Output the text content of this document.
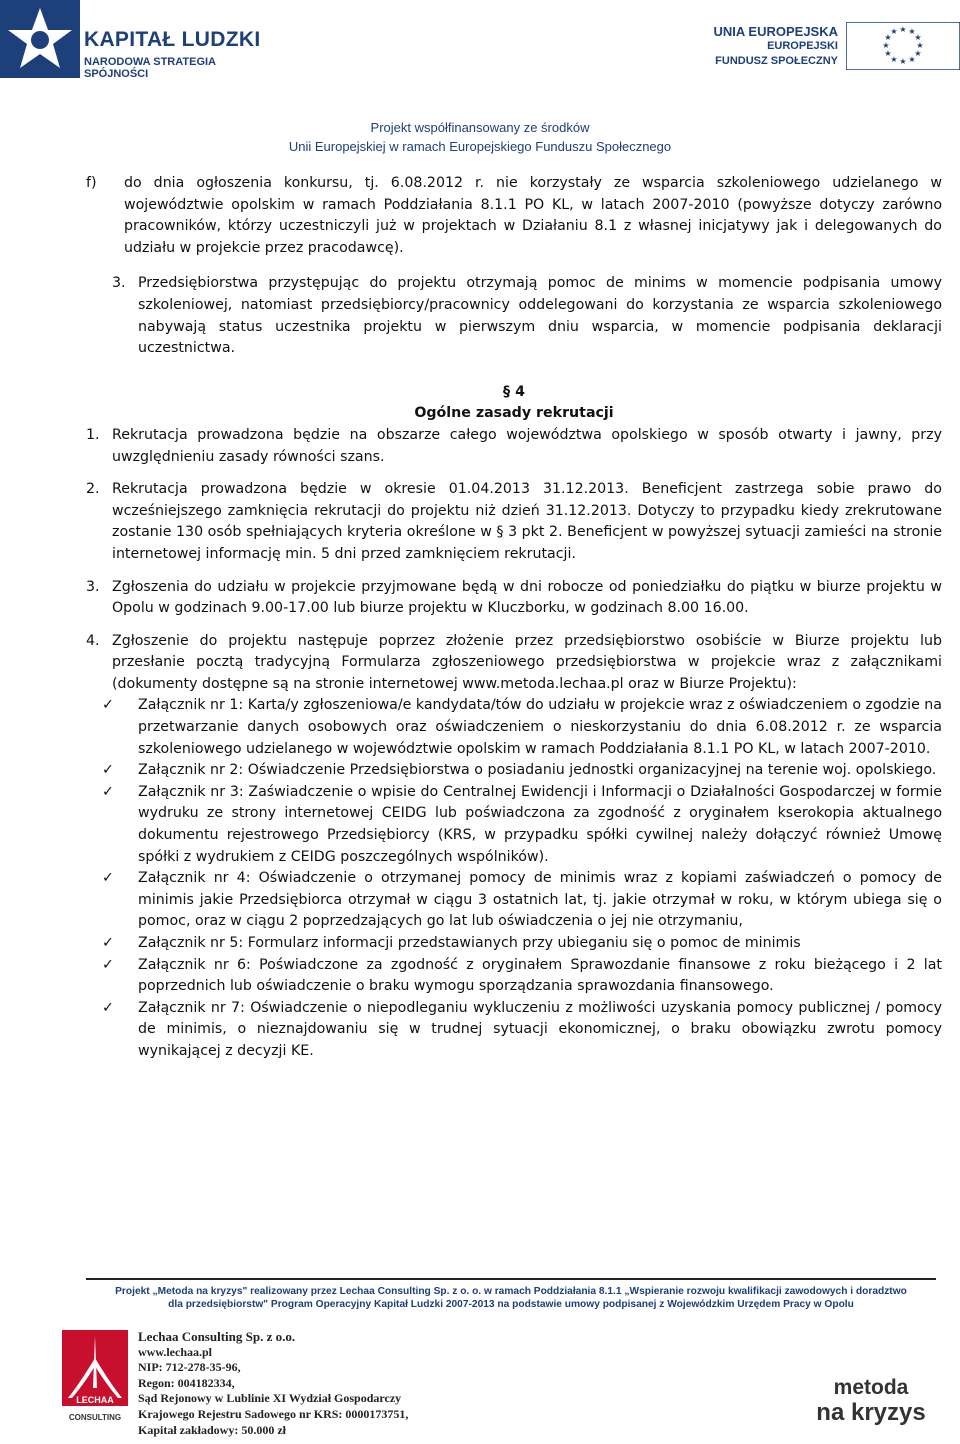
KAPITAŁ LUDZKI
NARODOWA STRATEGIA SPÓJNOŚCI
UNIA EUROPEJSKA
EUROPEJSKI
FUNDUSZ SPOŁECZNY
★ ★
★
★
★
★
★
★
★
★
★
★
Projekt współfinansowany ze środków
Unii Europejskiej w ramach Europejskiego Funduszu Społecznego
f) do dnia ogłoszenia konkursu, tj. 6.08.2012 r. nie korzystały ze wsparcia szkoleniowego udzielanego w województwie opolskim w ramach Poddziałania 8.1.1 PO KL, w latach 2007-2010 (powyższe dotyczy zarówno pracowników, którzy uczestniczyli już w projektach w Działaniu 8.1 z własnej inicjatywy jak i delegowanych do udziału w projekcie przez pracodawcę).
3. Przedsiębiorstwa przystępując do projektu otrzymają pomoc de minims w momencie podpisania umowy szkoleniowej, natomiast przedsiębiorcy/pracownicy oddelegowani do korzystania ze wsparcia szkoleniowego nabywają status uczestnika projektu w pierwszym dniu wsparcia, w momencie podpisania deklaracji uczestnictwa.
§ 4
Ogólne zasady rekrutacji
1. Rekrutacja prowadzona będzie na obszarze całego województwa opolskiego w sposób otwarty i jawny, przy uwzględnieniu zasady równości szans.
2. Rekrutacja prowadzona będzie w okresie 01.04.2013 31.12.2013. Beneficjent zastrzega sobie prawo do wcześniejszego zamknięcia rekrutacji do projektu niż dzień 31.12.2013. Dotyczy to przypadku kiedy zrekrutowane zostanie 130 osób spełniających kryteria określone w § 3 pkt 2. Beneficjent w powyższej sytuacji zamieści na stronie internetowej informację min. 5 dni przed zamknięciem rekrutacji.
3. Zgłoszenia do udziału w projekcie przyjmowane będą w dni robocze od poniedziałku do piątku w biurze projektu w Opolu w godzinach 9.00-17.00 lub biurze projektu w Kluczborku, w godzinach 8.00 16.00.
4. Zgłoszenie do projektu następuje poprzez złożenie przez przedsiębiorstwo osobiście w Biurze projektu lub przesłanie pocztą tradycyjną Formularza zgłoszeniowego przedsiębiorstwa w projekcie wraz z załącznikami (dokumenty dostępne są na stronie internetowej www.metoda.lechaa.pl oraz w Biurze Projektu):
✓ Załącznik nr 1: Karta/y zgłoszeniowa/e kandydata/tów do udziału w projekcie wraz z oświadczeniem o zgodzie na przetwarzanie danych osobowych oraz oświadczeniem o nieskorzystaniu do dnia 6.08.2012 r. ze wsparcia szkoleniowego udzielanego w województwie opolskim w ramach Poddziałania 8.1.1 PO KL, w latach 2007-2010.
✓ Załącznik nr 2: Oświadczenie Przedsiębiorstwa o posiadaniu jednostki organizacyjnej na terenie woj. opolskiego.
✓ Załącznik nr 3: Zaświadczenie o wpisie do Centralnej Ewidencji i Informacji o Działalności Gospodarczej w formie wydruku ze strony internetowej CEIDG lub poświadczona za zgodność z oryginałem kserokopia aktualnego dokumentu rejestrowego Przedsiębiorcy (KRS, w przypadku spółki cywilnej należy dołączyć również Umowę spółki z wydrukiem z CEIDG poszczególnych wspólników).
✓ Załącznik nr 4: Oświadczenie o otrzymanej pomocy de minimis wraz z kopiami zaświadczeń o pomocy de minimis jakie Przedsiębiorca otrzymał w ciągu 3 ostatnich lat, tj. jakie otrzymał w roku, w którym ubiega się o pomoc, oraz w ciągu 2 poprzedzających go lat lub oświadczenia o jej nie otrzymaniu,
✓ Załącznik nr 5: Formularz informacji przedstawianych przy ubieganiu się o pomoc de minimis
✓ Załącznik nr 6: Poświadczone za zgodność z oryginałem Sprawozdanie finansowe z roku bieżącego i 2 lat poprzednich lub oświadczenie o braku wymogu sporządzania sprawozdania finansowego.
✓ Załącznik nr 7: Oświadczenie o niepodleganiu wykluczeniu z możliwości uzyskania pomocy publicznej / pomocy de minimis, o nieznajdowaniu się w trudnej sytuacji ekonomicznej, o braku obowiązku zwrotu pomocy wynikającej z decyzji KE.
Projekt „Metoda na kryzys" realizowany przez Lechaa Consulting Sp. z o. o. w ramach Poddziałania 8.1.1 „Wspieranie rozwoju kwalifikacji zawodowych i doradztwo
dla przedsiębiorstw" Program Operacyjny Kapitał Ludzki 2007-2013 na podstawie umowy podpisanej z Wojewódzkim Urzędem Pracy w Opolu
LECHAA
CONSULTING
Lechaa Consulting Sp. z o.o.
www.lechaa.pl
NIP: 712-278-35-96,
Regon: 004182334,
Sąd Rejonowy w Lublinie XI Wydział Gospodarczy
Krajowego Rejestru Sadowego nr KRS: 0000173751,
Kapitał zakładowy: 50.000 zł
metoda
na kryzys
